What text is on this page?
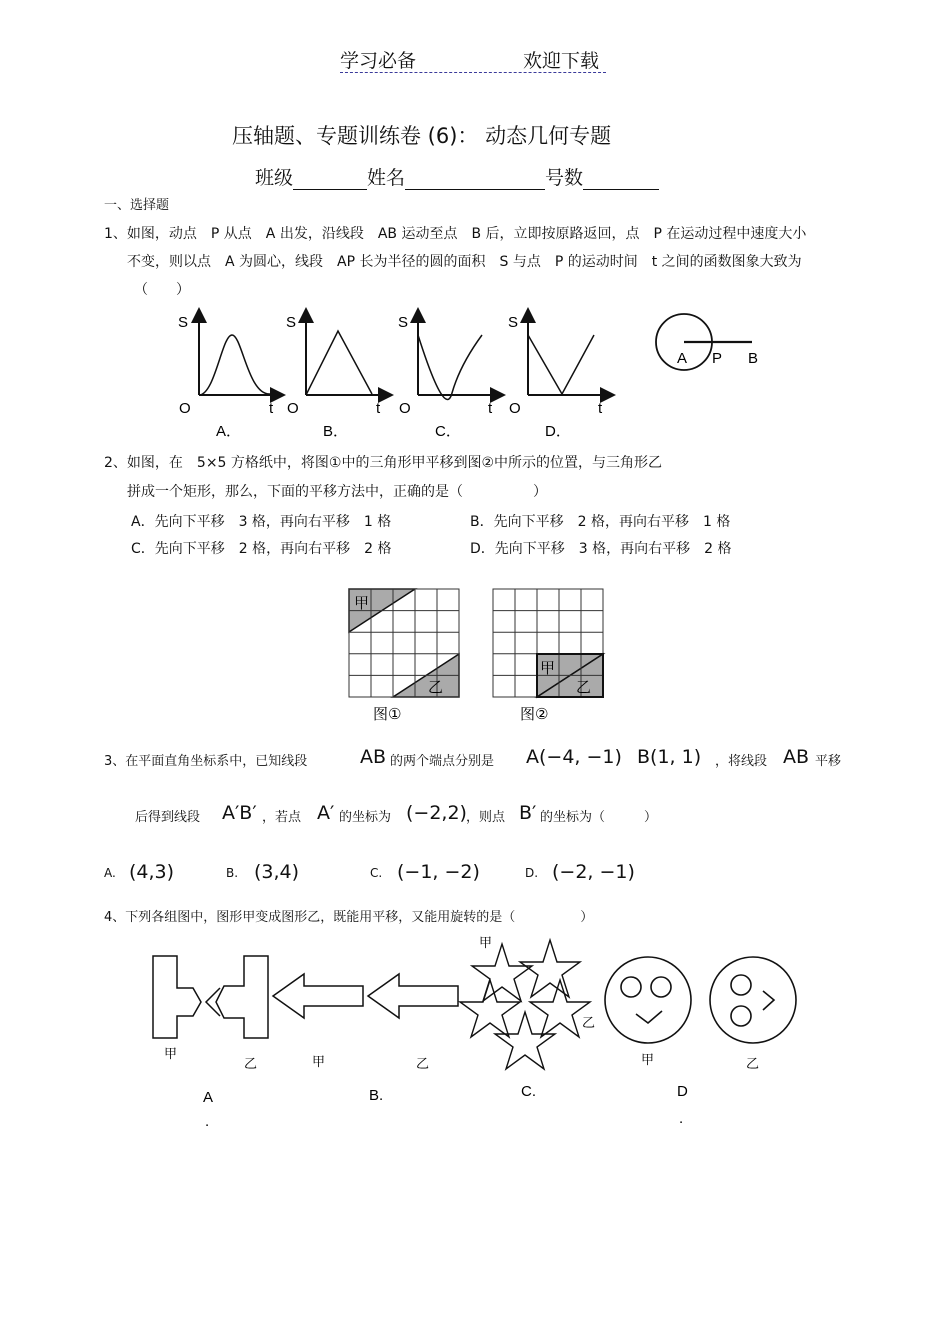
学习必备	欢迎下载
压轴题、专题训练卷 (6)： 动态几何专题
班级	姓名	号数
一、选择题
1、如图，动点　P 从点　A 出发，沿线段　AB 运动至点　B 后，立即按原路返回，点　P 在运动过程中速度大小
不变，则以点　A 为圆心，线段　AP 长为半径的圆的面积　S 与点　P 的运动时间　t 之间的函数图象大致为
（　　）
S
O	t
A．
S
O	t
B．
S
O	t
C．
S
O	t
D．
A P B
2、如图，在　5×5 方格纸中，将图①中的三角形甲平移到图②中所示的位置，与三角形乙
拼成一个矩形，那么，下面的平移方法中，正确的是（　　　　　）
A．先向下平移　3 格，再向右平移　1 格	B．先向下平移　2 格，再向右平移　1 格
C．先向下平移　2 格，再向右平移　2 格	D．先向下平移　3 格，再向右平移　2 格
甲
乙
图①
甲
乙
图②
3、在平面直角坐标系中，已知线段	AB 的两个端点分别是 A(−4, −1) B(1, 1) ，将线段 AB 平移
后得到线段 A′B′ ，若点 A′ 的坐标为 (−2,2) ，则点 B′ 的坐标为（　　　）
A. (4,3)	B. (3,4)	C. (−1, −2)	D. (−2, −1)
4、下列各组图中，图形甲变成图形乙，既能用平移，又能用旋转的是（　　　　　）
甲
乙
A
.
甲	乙
B.
甲
乙
C.
甲	乙
D
.
